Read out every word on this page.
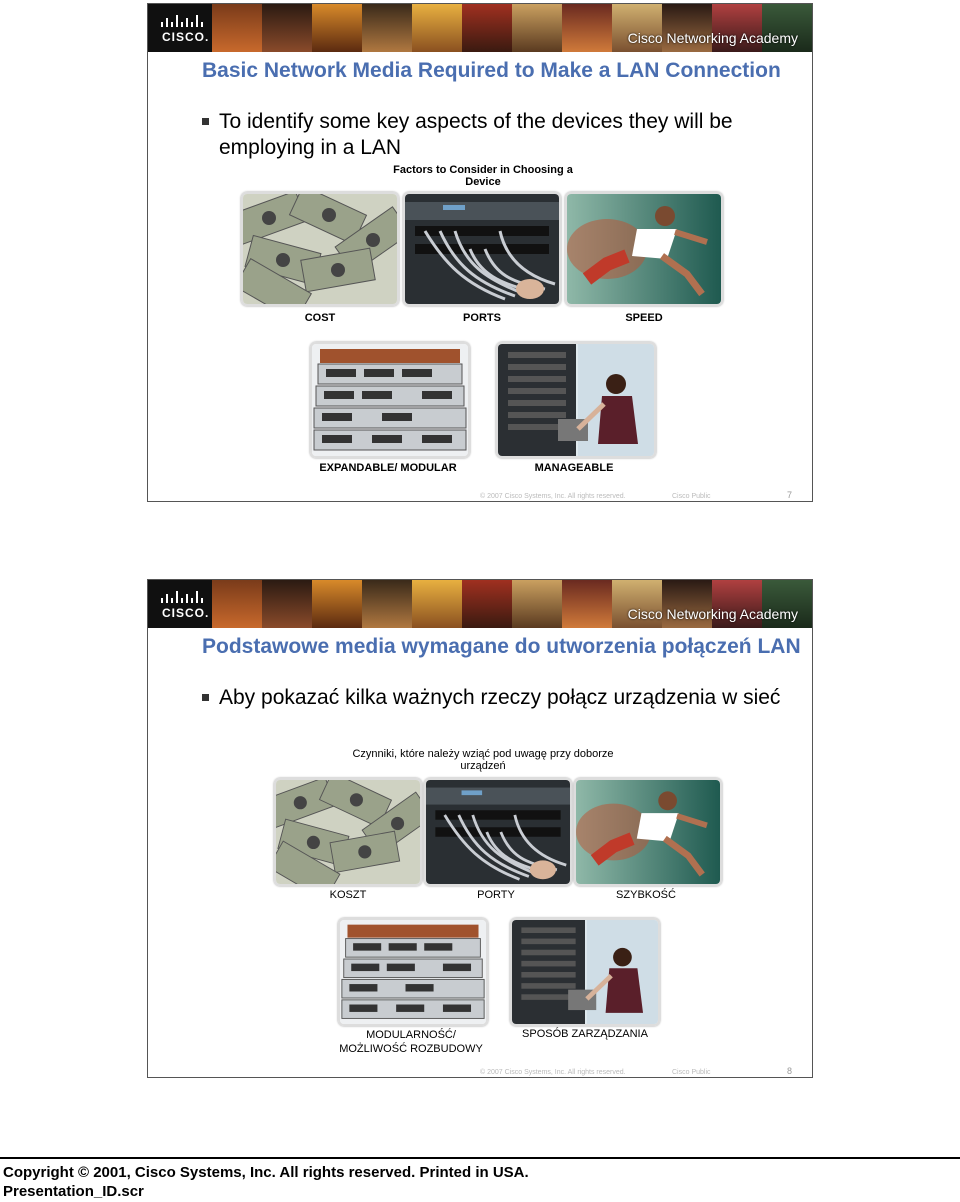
CISCO.	Cisco Networking Academy

Basic Network Media Required to Make a LAN Connection

To identify some key aspects of the devices they will be employing in a LAN

Factors to Consider in Choosing a Device
COST	PORTS	SPEED
EXPANDABLE/ MODULAR	MANAGEABLE
© 2007 Cisco Systems, Inc. All rights reserved.	Cisco Public	7
CISCO.	Cisco Networking Academy

Podstawowe media wymagane do utworzenia połączeń LAN

Aby pokazać kilka ważnych rzeczy połącz urządzenia w sieć

Czynniki, które należy wziąć pod uwagę przy doborze urządzeń
KOSZT	PORTY	SZYBKOŚĆ
MODULARNOŚĆ/ MOŻLIWOŚĆ ROZBUDOWY
SPOSÓB ZARZĄDZANIA
© 2007 Cisco Systems, Inc. All rights reserved.	Cisco Public	8

Copyright © 2001, Cisco Systems, Inc. All rights reserved. Printed in USA.

Presentation_ID.scr
